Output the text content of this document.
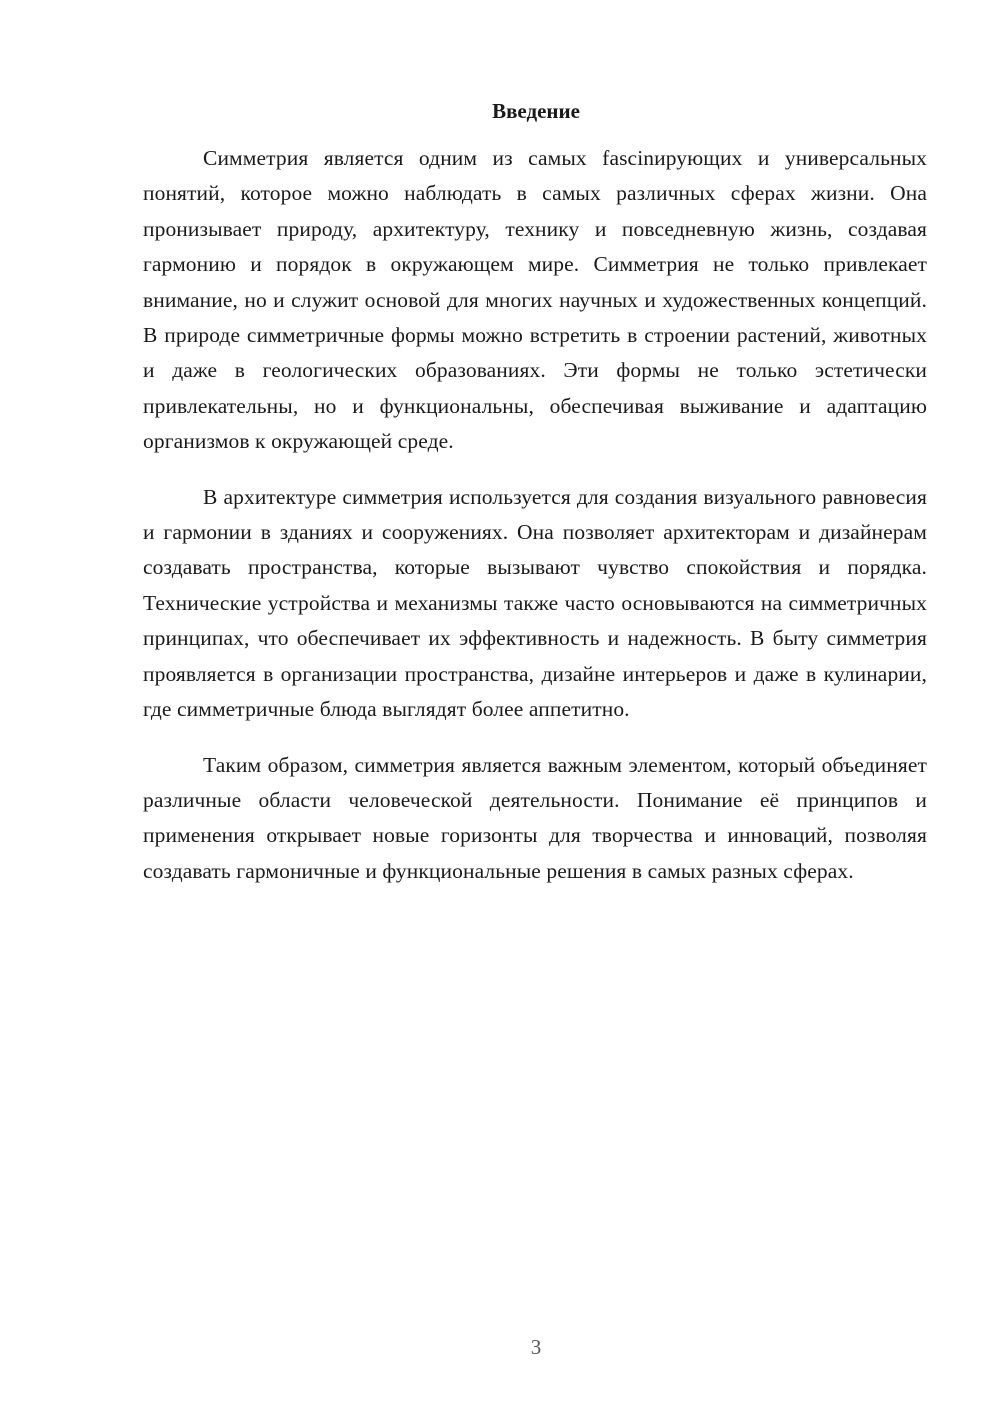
Введение

Симметрия является одним из самых fascinирующих и универсальных понятий, которое можно наблюдать в самых различных сферах жизни. Она пронизывает природу, архитектуру, технику и повседневную жизнь, создавая гармонию и порядок в окружающем мире. Симметрия не только привлекает внимание, но и служит основой для многих научных и художественных концепций. В природе симметричные формы можно встретить в строении растений, животных и даже в геологических образованиях. Эти формы не только эстетически привлекательны, но и функциональны, обеспечивая выживание и адаптацию организмов к окружающей среде.

В архитектуре симметрия используется для создания визуального равновесия и гармонии в зданиях и сооружениях. Она позволяет архитекторам и дизайнерам создавать пространства, которые вызывают чувство спокойствия и порядка. Технические устройства и механизмы также часто основываются на симметричных принципах, что обеспечивает их эффективность и надежность. В быту симметрия проявляется в организации пространства, дизайне интерьеров и даже в кулинарии, где симметричные блюда выглядят более аппетитно.

Таким образом, симметрия является важным элементом, который объединяет различные области человеческой деятельности. Понимание её принципов и применения открывает новые горизонты для творчества и инноваций, позволяя создавать гармоничные и функциональные решения в самых разных сферах.

3
